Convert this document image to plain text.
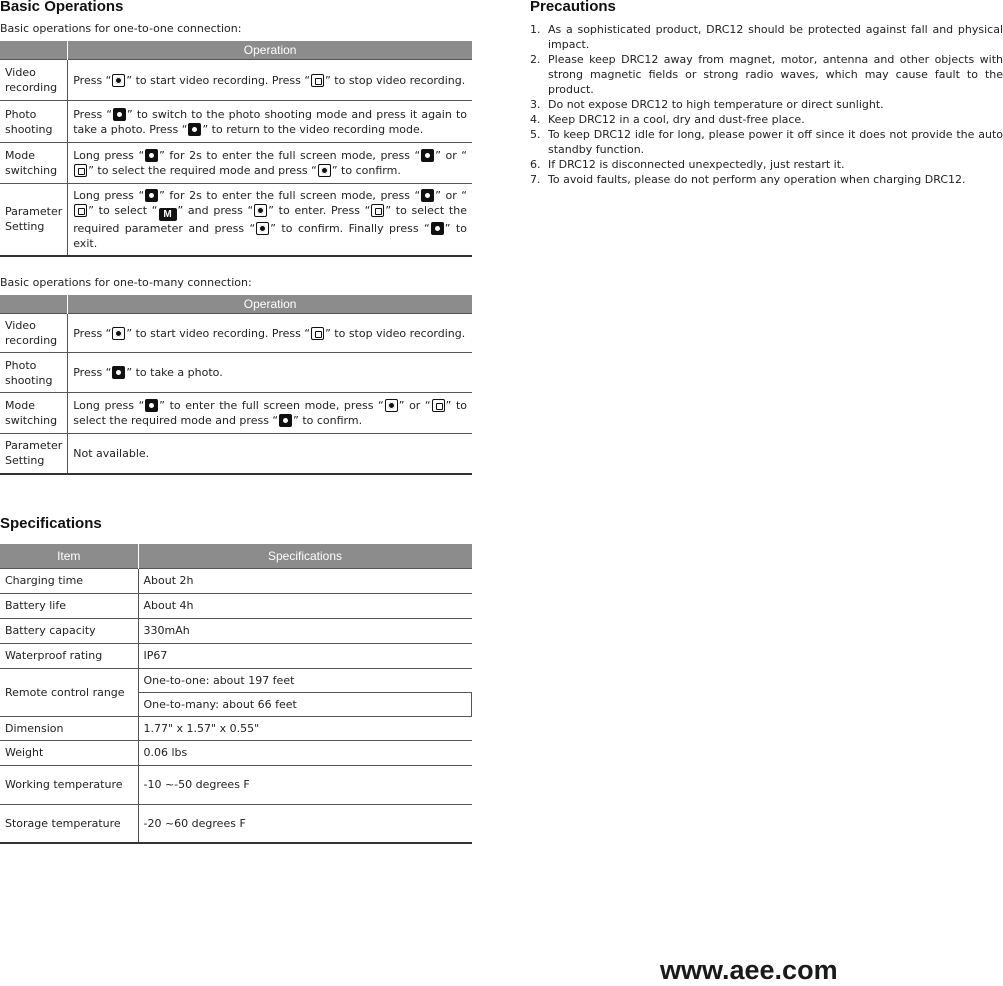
Basic Operations

Basic operations for one-to-one connection:

	Operation
Video recording	Press “ ” to start video recording. Press “ ” to stop video recording.
Photo shooting	Press “ ” to switch to the photo shooting mode and press it again to take a photo. Press “ ” to return to the video recording mode.
Mode switching	Long press “ ” for 2s to enter the full screen mode, press “ ” or “” to select the required mode and press “ ” to confirm.
Parameter Setting	Long press “ ” for 2s to enter the full screen mode, press “ ” or “” to select “ M ” and press “ ” to enter. Press “ ” to select the required parameter and press “ ” to confirm. Finally press “ ” to exit.

Basic operations for one-to-many connection:

	Operation
Video recording	Press “ ” to start video recording. Press “ ” to stop video recording.
Photo shooting	Press “ ” to take a photo.
Mode switching	Long press “ ” to enter the full screen mode, press “ ” or “ ” to select the required mode and press “ ” to confirm.
Parameter Setting	Not available.
Specifications
Item	Specifications
Charging time	About 2h
Battery life	About 4h
Battery capacity	330mAh
Waterproof rating	IP67
Remote control range	One-to-one: about 197 feet
	One-to-many: about 66 feet
Dimension	1.77" x 1.57" x 0.55"
Weight	0.06 lbs
Working temperature	-10 ~-50 degrees F
Storage temperature	-20 ~60 degrees F
Precautions
1. As a sophisticated product, DRC12 should be protected against fall and physical impact.
2. Please keep DRC12 away from magnet, motor, antenna and other objects with strong magnetic fields or strong radio waves, which may cause fault to the product.
3. Do not expose DRC12 to high temperature or direct sunlight.
4. Keep DRC12 in a cool, dry and dust-free place.
5. To keep DRC12 idle for long, please power it off since it does not provide the auto standby function.
6. If DRC12 is disconnected unexpectedly, just restart it.
7. To avoid faults, please do not perform any operation when charging DRC12.
www.aee.com
